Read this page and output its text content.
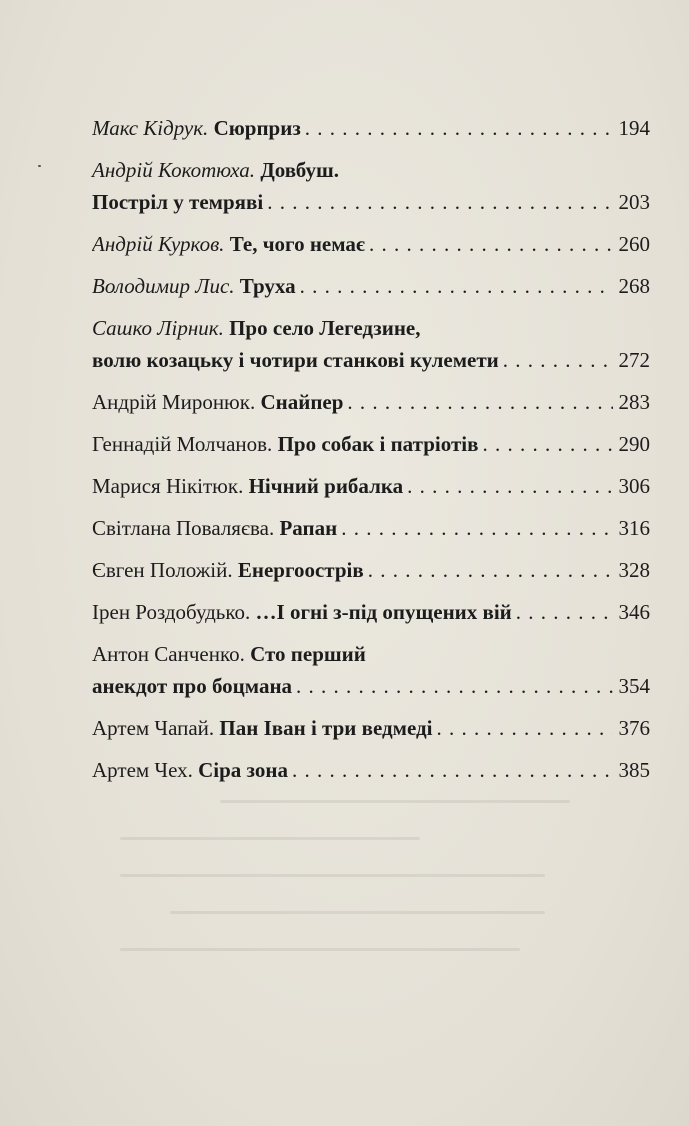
Макс Кідрук. Сюрприз . . .	194
Андрій Кокотюха. Довбуш.
Постріл у темряві . . .	203
Андрій Курков. Те, чого немає . . .	260
Володимир Лис. Труха . . .	268
Сашко Лірник. Про село Легедзине,
волю козацьку і чотири станкові кулемети . . .	272
Андрій Миронюк. Снайпер . . .	283
Геннадій Молчанов. Про собак і патріотів . . .	290
Марися Нікітюк. Нічний рибалка . . .	306
Світлана Поваляєва. Рапан . . .	316
Євген Положій. Енергоострів . . .	328
Ірен Роздобудько. …І огні з-під опущених вій . . .	346
Антон Санченко. Сто перший
анекдот про боцмана . . .	354
Артем Чапай. Пан Іван і три ведмеді . . .	376
Артем Чех. Сіра зона . . .	385
